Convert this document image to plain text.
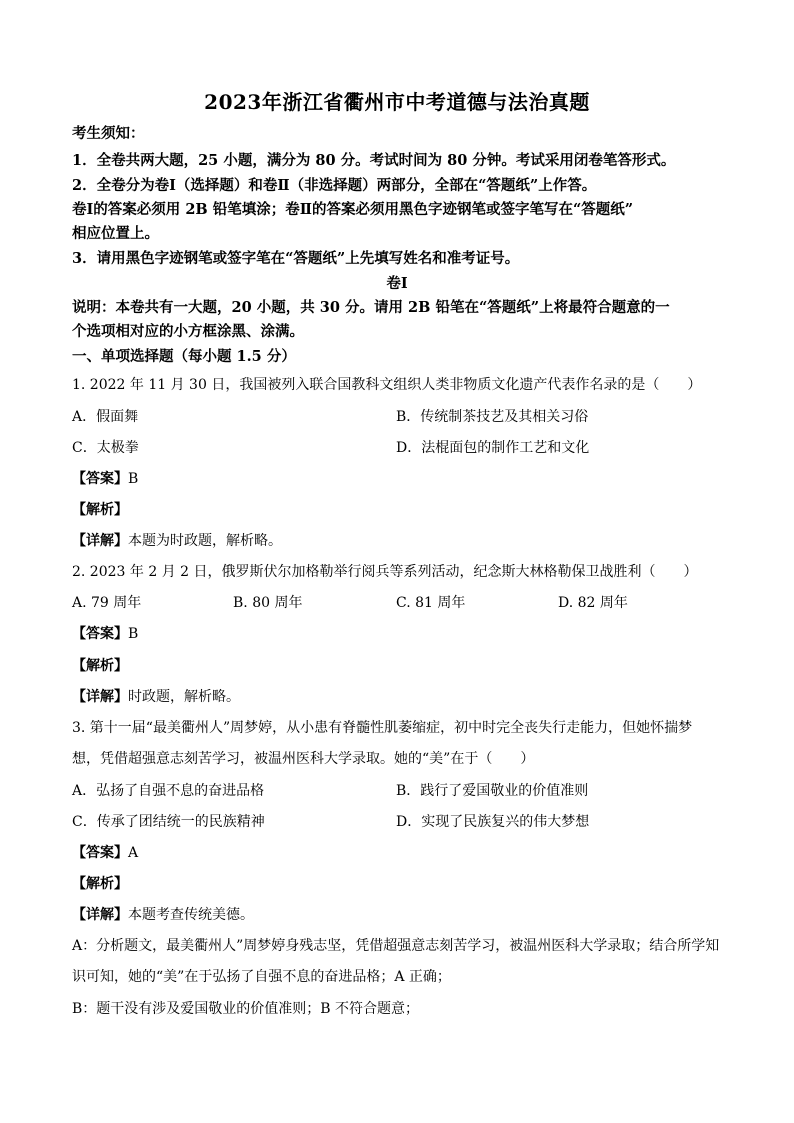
2023年浙江省衢州市中考道德与法治真题
考生须知：
1．全卷共两大题，25 小题，满分为 80 分。考试时间为 80 分钟。考试采用闭卷笔答形式。
2．全卷分为卷Ⅰ（选择题）和卷Ⅱ（非选择题）两部分，全部在“答题纸”上作答。
卷Ⅰ的答案必须用 2B 铅笔填涂；卷Ⅱ的答案必须用黑色字迹钢笔或签字笔写在“答题纸”
相应位置上。
3．请用黑色字迹钢笔或签字笔在“答题纸”上先填写姓名和准考证号。
卷Ⅰ
说明：本卷共有一大题，20 小题，共 30 分。请用 2B 铅笔在“答题纸”上将最符合题意的一
个选项相对应的小方框涂黑、涂满。
一、单项选择题（每小题 1.5 分）
1. 2022 年 11 月 30 日，我国被列入联合国教科文组织人类非物质文化遗产代表作名录的是（　　）
A．假面舞	B．传统制茶技艺及其相关习俗
C．太极拳	D．法棍面包的制作工艺和文化
【答案】B
【解析】
【详解】本题为时政题，解析略。
2. 2023 年 2 月 2 日，俄罗斯伏尔加格勒举行阅兵等系列活动，纪念斯大林格勒保卫战胜利（　　）
A. 79 周年	B. 80 周年	C. 81 周年	D. 82 周年
【答案】B
【解析】
【详解】时政题，解析略。
3. 第十一届“最美衢州人”周梦婷，从小患有脊髓性肌萎缩症，初中时完全丧失行走能力，但她怀揣梦
想，凭借超强意志刻苦学习，被温州医科大学录取。她的“美”在于（　　）
A．弘扬了自强不息的奋进品格	B．践行了爱国敬业的价值准则
C．传承了团结统一的民族精神	D．实现了民族复兴的伟大梦想
【答案】A
【解析】
【详解】本题考查传统美德。
A：分析题文，最美衢州人”周梦婷身残志坚，凭借超强意志刻苦学习，被温州医科大学录取；结合所学知
识可知，她的“美”在于弘扬了自强不息的奋进品格；A 正确；
B：题干没有涉及爱国敬业的价值准则；B 不符合题意；
